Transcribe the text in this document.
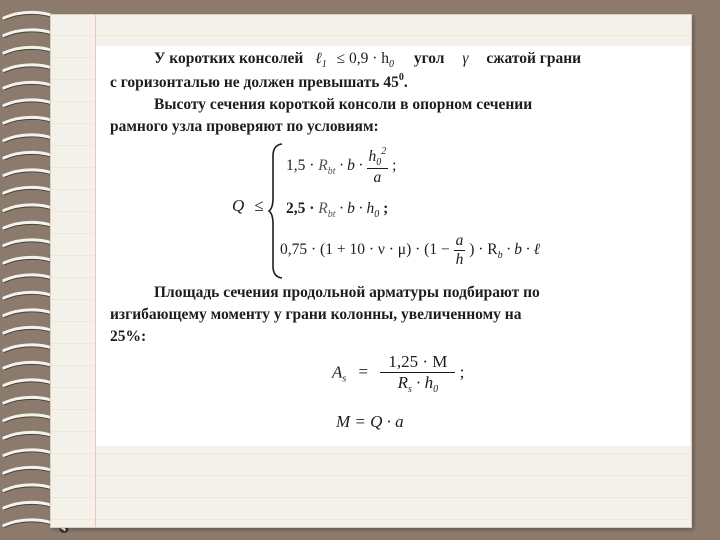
У коротких консолей ℓ$_1$ ≤ $0,9 \cdot h_0$ угол γ сжатой грани
с горизонталью не должен превышать $45^0$.
Высоту сечения короткой консоли в опорном сечении
рамного узла проверяют по условиям:
Q ≤
$1,5 \cdot R_{bt} \cdot b \cdot \frac{h_0^2}{a}$ ;
$2,5 \cdot R_{bt} \cdot b \cdot h_0$ ;
$0,75 \cdot (1 + 10 \cdot \nu \cdot \mu) \cdot (1 - \frac{a}{h}$ ) · $R_b \cdot b$ · ℓ
Площадь сечения продольной арматуры подбирают по
изгибающему моменту у грани колонны, увеличенному на
25%:
$A_s = \frac{1,25 \cdot M}{R_s \cdot h_0}$ ;
M = Q · a
